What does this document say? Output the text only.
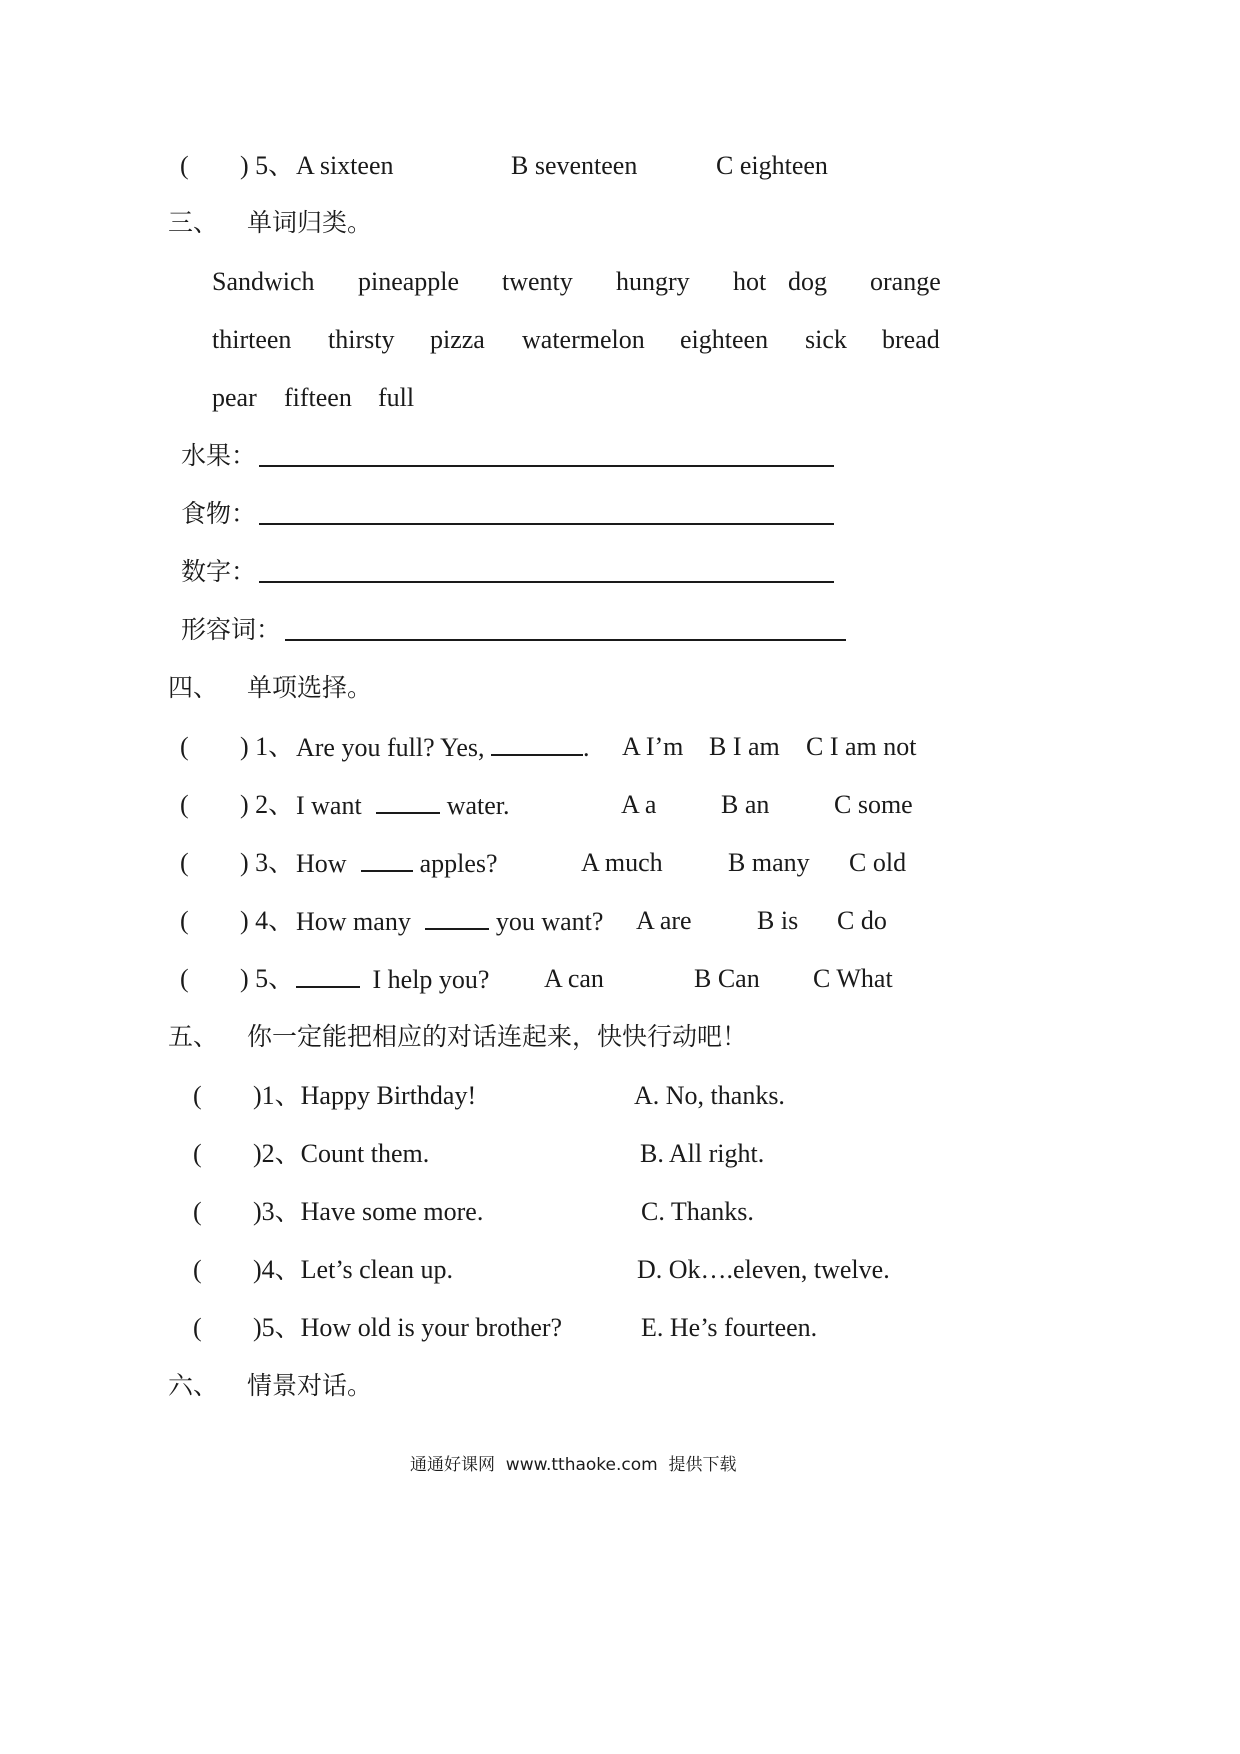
( ) 5、 A sixteen	B seventeen	C eighteen
三、 单词归类。
Sandwich pineapple twenty hungry hot dog orange
thirteen thirsty pizza watermelon eighteen sick bread
pear fifteen full
水果：
食物：
数字：
形容词：
四、 单项选择。
( ) 1、 Are you full? Yes,	. A I’m B I am C I am not
( ) 2、 I want	water.	A a B an C some
( ) 3、 How  apples?	A much	B many C old
( ) 4、 How many	you want? A are	B is C do
( ) 5、	I help you? A can	B Can C What
五、 你一定能把相应的对话连起来，快快行动吧！
( )1、Happy Birthday!	A. No, thanks.
( )2、Count them.	B. All right.
( )3、Have some more.	C. Thanks.
( )4、Let’s clean up.	D. Ok….eleven, twelve.
( )5、How old is your brother?	E. He’s fourteen.
六、 情景对话。
通通好课网  www.tthaoke.com  提供下载
